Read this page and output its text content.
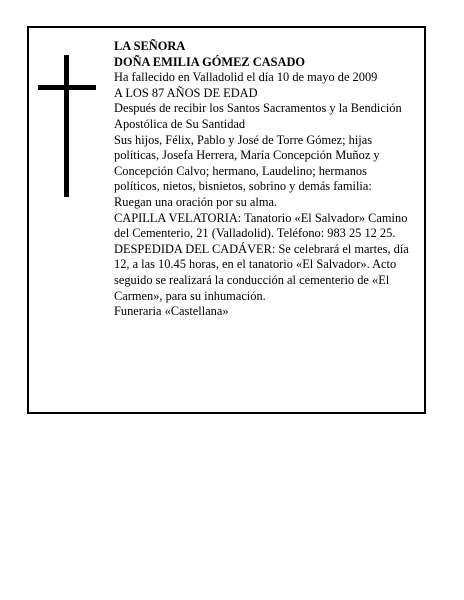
LA SEÑORA

DOÑA EMILIA GÓMEZ CASADO

Ha fallecido en Valladolid el día 10 de mayo de 2009

A LOS 87 AÑOS DE EDAD

Después de recibir los Santos Sacramentos y la Bendición Apostólica de Su Santidad

Sus hijos, Félix, Pablo y José de Torre Gómez; hijas políticas, Josefa Herrera, María Concepción Muñoz y Concepción Calvo; hermano, Laudelino; hermanos políticos, nietos, bisnietos, sobrino y demás familia:

Ruegan una oración por su alma.

CAPILLA VELATORIA: Tanatorio «El Salvador» Camino del Cementerio, 21 (Valladolid). Teléfono: 983 25 12 25.

DESPEDIDA DEL CADÁVER: Se celebrará el martes, día 12, a las 10.45 horas, en el tanatorio «El Salvador». Acto seguido se realizará la conducción al cementerio de «El Carmen», para su inhumación.

Funeraria «Castellana»
